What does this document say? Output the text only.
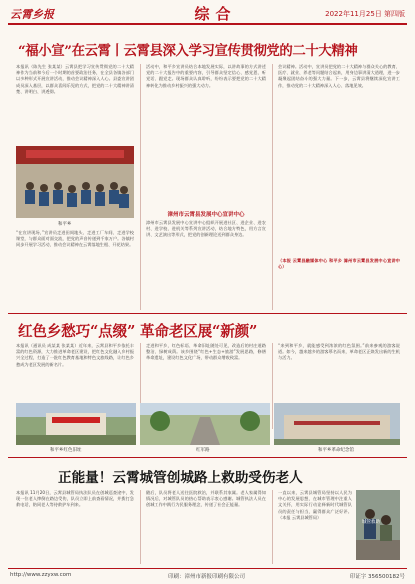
云霄乡报	综合	2022年11月25日 第四版
“福小宣”在云霄丨云霄县深入学习宣传贯彻党的二十大精神
本报讯（陈先生 张某某）云霄县把学习宣传贯彻党的二十大精神作为当前和今后一个时期的首要政治任务，在全县各镇各部门以多种形式开展宣讲活动，推动会议精神深入人心。县委宣讲团成员深入基层，以群众喜闻乐见的方式，把党的二十大精神讲清楚、讲明白、讲透彻。
和平乡
“在宣讲现场，”宣讲员走进田间地头、走进工厂车间、走进学校课堂，与群众面对面交流，把党的声音传递到千家万户。各镇村同步开展学习活动，推动会议精神在云霄落地生根、开花结果。
活动中，和平乡宣讲员结合本地发展实际，以讲故事的方式讲述党的二十大报告中的重要内容，引导群众坚定信心、感党恩、听党话、跟党走。现场群众认真聆听，纷纷表示要把党的二十大精神转化为推动乡村振兴的强大动力。
漳州市云霄县发展中心宣讲中心
漳州市云霄县发展中心宣讲中心组织开展进社区、进企业、进农村、进学校、进机关等系列宣讲活动，结合地方特色，用方言宣讲、文艺演出等形式，把党的创新理论送到群众身边。
会议精神。活动中，宣讲员把党的二十大精神与群众关心的教育、医疗、就业、养老等问题结合起来，用身边事讲清大道理，进一步凝聚起团结奋斗的强大力量。下一步，云霄县将继续深化宣讲工作，推动党的二十大精神深入人心、落地见效。
（本报 云霄县融媒体中心 和平乡 漳州市云霄县发展中心宣讲中心）
红色乡愁巧“点缀” 革命老区展“新颜”
本报讯（通讯员 成某某 张某某）近年来，云霄县和平乡依托丰富的红色资源，大力推进革命老区建设，把红色文化融入乡村振兴全过程，打造了一批红色教育基地和特色文旅线路，让红色乡愁成为老区发展的新名片。
走进和平乡，红色标语、革命旧址随处可见，改造后的村庄道路整洁、绿树成荫。该乡围绕“红色+生态+旅游”发展思路，修缮革命遗址，建设红色文化广场，带动群众增收致富。
“来到和平乡，就能感受到浓浓的红色氛围。”前来参观的游客说道。如今，越来越多的游客慕名而来，革命老区正焕发出新的生机与活力。
和平乡红色旧址	红军路	和平乡革命纪念馆
正能量！云霄城管创城路上救助受伤老人
本报讯 11月20日，云霄县城管局执法队员在创城巡查途中，发现一位老人摔倒在路边受伤，队员立即上前查看情况，并拨打急救电话，陪同老人等待救护车到来。
随后，队员将老人送往医院救治，并联系其家属。老人家属得知情况后，对城管队员的热心帮助表示衷心感谢。城管执法人员在创城工作中践行为民服务理念，传递了社会正能量。
一直以来，云霄县城管局坚持以人民为中心的发展思想，在城市管理中注重人文关怀，用实际行动诠释新时代城管队员的责任与担当，赢得群众广泛好评。（本报 云霄县城管局）
城管救助
http://www.zzyxw.com	印刷：漳州市新报印刷有限公司	印证字 356500182号
